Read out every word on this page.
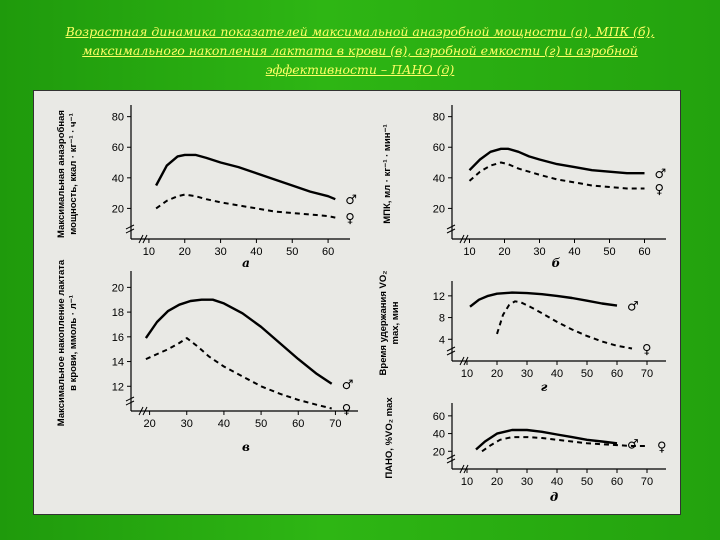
Возрастная динамика показателей максимальной анаэробной мощности (а), МПК (б),
максимального накопления лактата в крови (в), аэробной емкости (г) и аэробной
эффективности – ПАНО (д)
10 20 30 40 50 60
20
40
60
80
Максимальная анаэробнаямощность, ккал · кг⁻¹ · ч⁻¹
а
♂
♀
10 20 30 40 50 60
20
40
60
80
МПК, мл · кг⁻¹ · мин⁻¹
б
♂
♀
20 30 40 50 60 70
12
14
16
18
20
Максимальное накопление лактатав крови, ммоль · л⁻¹
в
♂
♀
10 20 30 40 50 60 70
4
8
12
Время удержания VO₂max, мин
г
♂
♀
10 20 30 40 50 60 70
20
40
60
ПАНО, %VO₂ max
д
♂ ♀
